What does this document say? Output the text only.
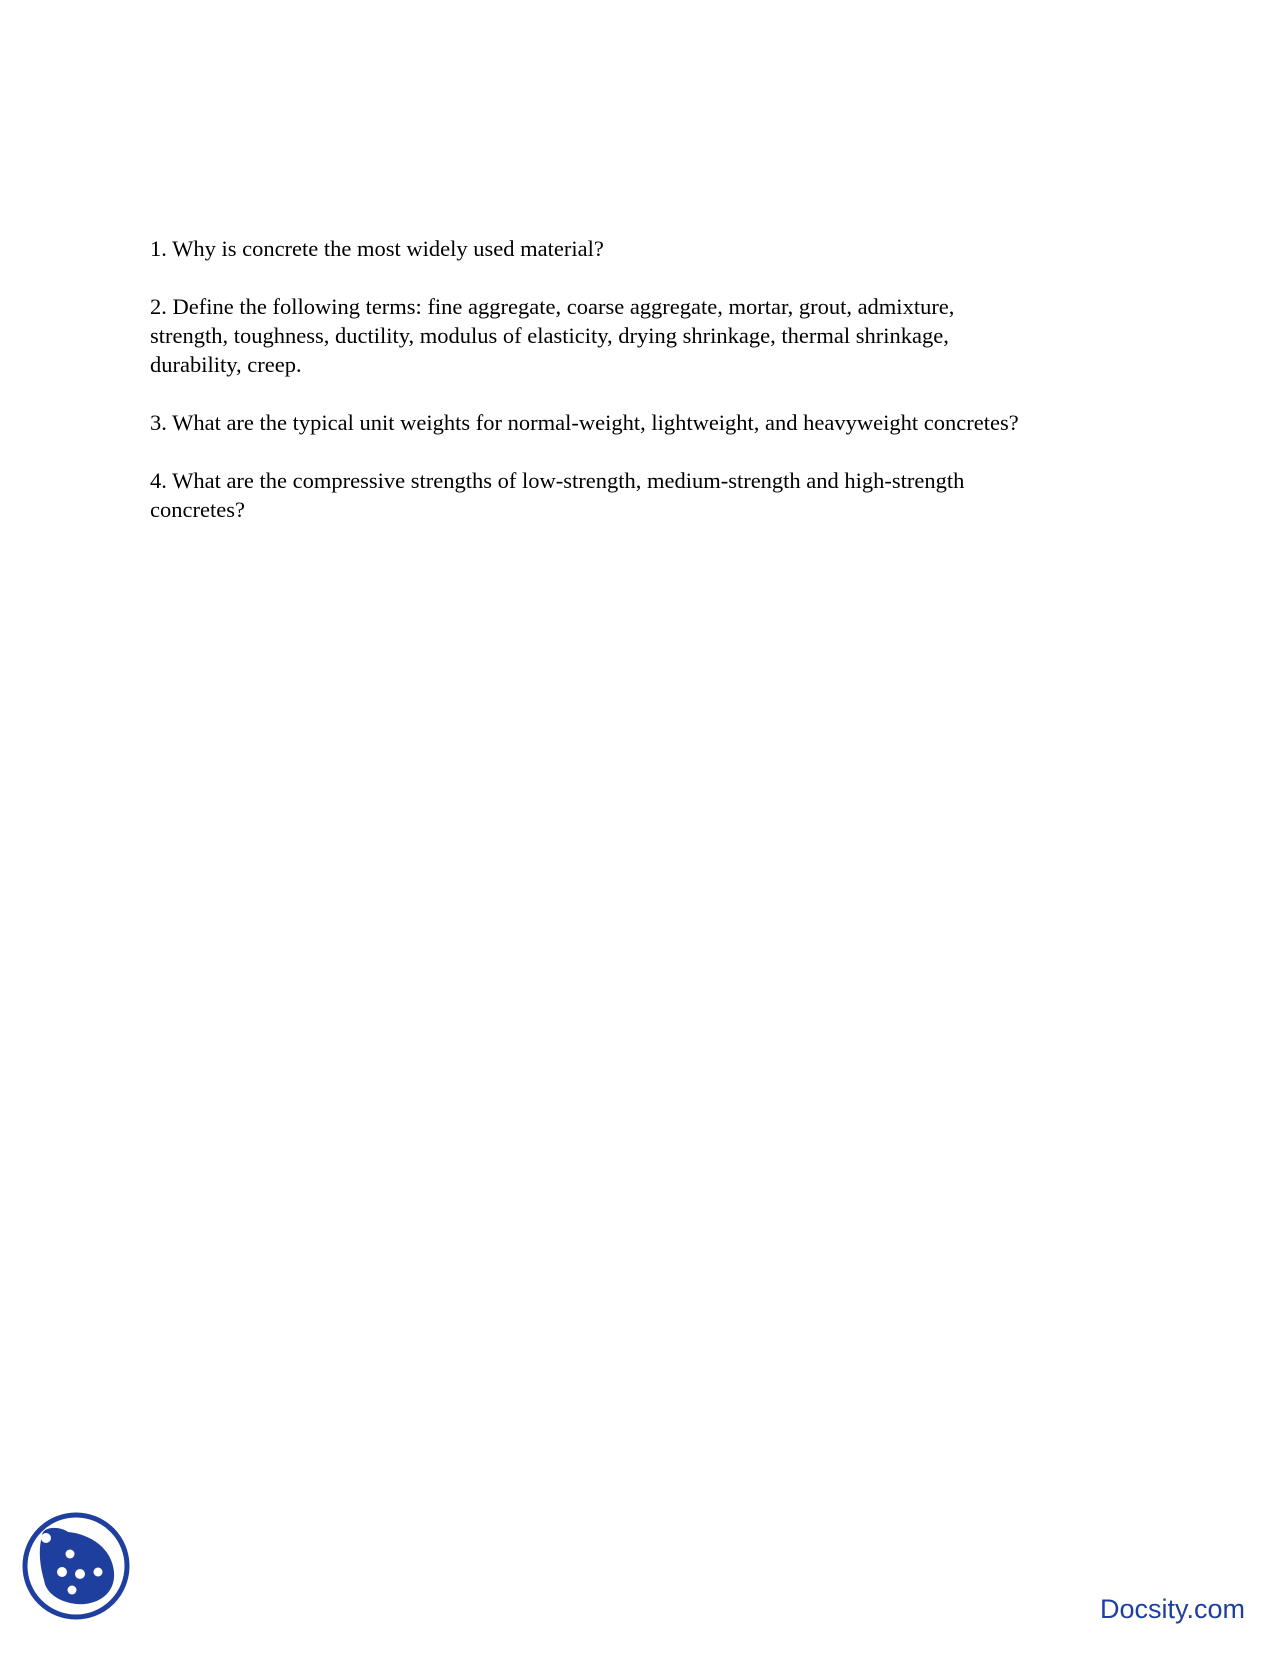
1. Why is concrete the most widely used material?

2. Define the following terms: fine aggregate, coarse aggregate, mortar, grout, admixture,
strength, toughness, ductility, modulus of elasticity, drying shrinkage, thermal shrinkage,
durability, creep.

3. What are the typical unit weights for normal-weight, lightweight, and heavyweight concretes?

4. What are the compressive strengths of low-strength, medium-strength and high-strength
concretes?

Docsity.com
